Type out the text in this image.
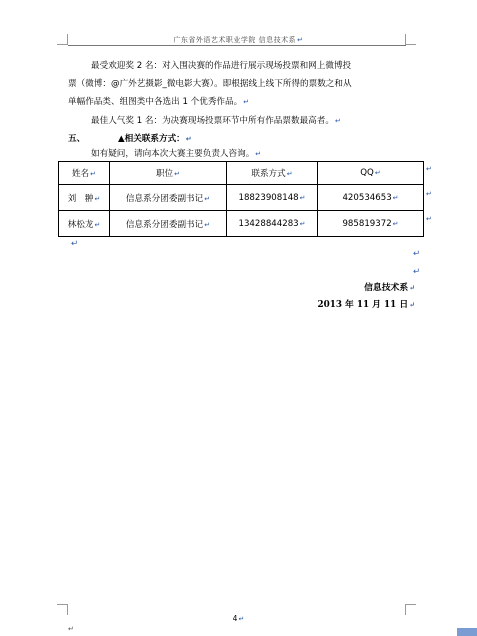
广东省外语艺术职业学院 信息技术系↵
最受欢迎奖 2 名：对入围决赛的作品进行展示现场投票和网上微博投
票（微博：@广外艺摄影_微电影大赛）。即根据线上线下所得的票数之和从
单幅作品类、组图类中各选出 1 个优秀作品。↵
最佳人气奖 1 名：为决赛现场投票环节中所有作品票数最高者。↵
五、	▲相关联系方式：↵
如有疑问，请向本次大赛主要负责人咨询。↵
姓名↵	职位↵	联系方式↵	QQ↵
刘　翀↵	信息系分团委副书记↵	18823908148↵	420534653↵
林松龙↵	信息系分团委副书记↵	13428844283↵	985819372↵
↵
↵
↵
↵
↵
↵
信息技术系↵
2013 年 11 月 11 日↵
4↵
↵
